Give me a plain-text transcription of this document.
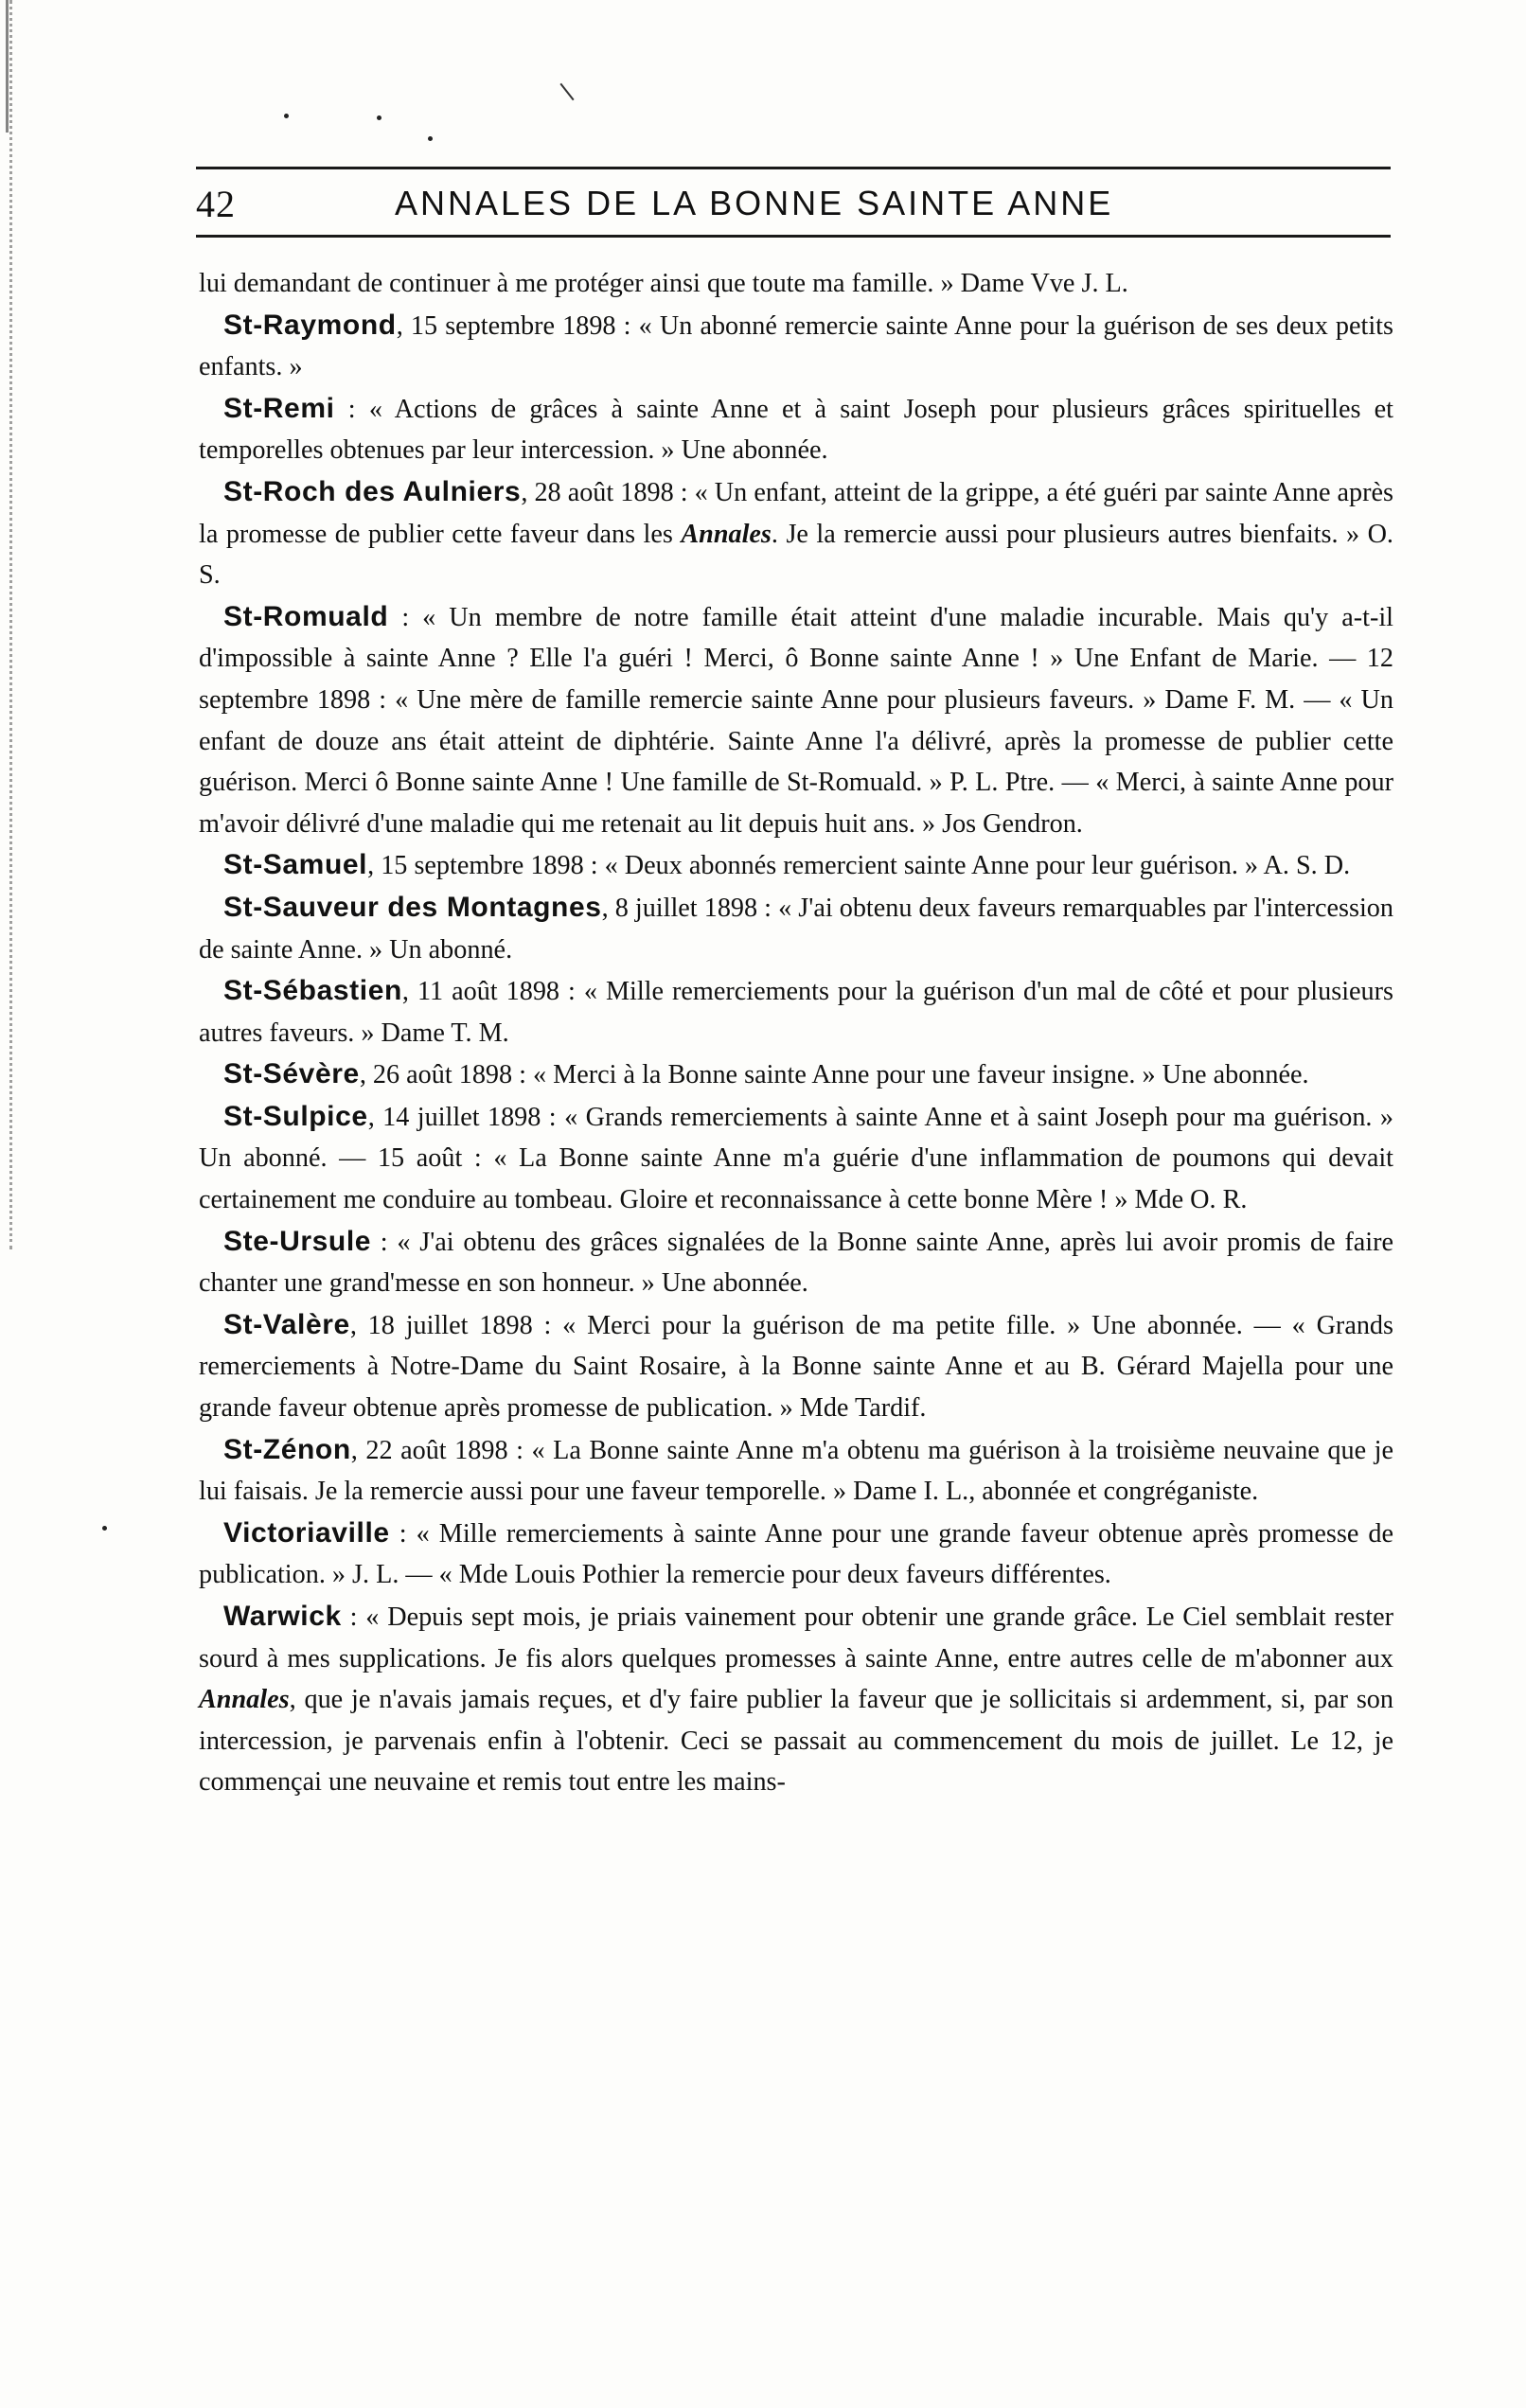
42	ANNALES DE LA BONNE SAINTE ANNE

lui demandant de continuer à me protéger ainsi que toute ma famille. » Dame Vve J. L.

St-Raymond, 15 septembre 1898 : « Un abonné remercie sainte Anne pour la guérison de ses deux petits enfants. »

St-Remi : « Actions de grâces à sainte Anne et à saint Joseph pour plusieurs grâces spirituelles et temporelles obtenues par leur intercession. » Une abonnée.

St-Roch des Aulniers, 28 août 1898 : « Un enfant, atteint de la grippe, a été guéri par sainte Anne après la promesse de publier cette faveur dans les Annales. Je la remercie aussi pour plusieurs autres bienfaits. » O. S.

St-Romuald : « Un membre de notre famille était atteint d'une maladie incurable. Mais qu'y a-t-il d'impossible à sainte Anne ? Elle l'a guéri ! Merci, ô Bonne sainte Anne ! » Une Enfant de Marie. — 12 septembre 1898 : « Une mère de famille remercie sainte Anne pour plusieurs faveurs. » Dame F. M. — « Un enfant de douze ans était atteint de diphtérie. Sainte Anne l'a délivré, après la promesse de publier cette guérison. Merci ô Bonne sainte Anne ! Une famille de St-Romuald. » P. L. Ptre. — « Merci, à sainte Anne pour m'avoir délivré d'une maladie qui me retenait au lit depuis huit ans. » Jos Gendron.

St-Samuel, 15 septembre 1898 : « Deux abonnés remercient sainte Anne pour leur guérison. » A. S. D.

St-Sauveur des Montagnes, 8 juillet 1898 : « J'ai obtenu deux faveurs remarquables par l'intercession de sainte Anne. » Un abonné.

St-Sébastien, 11 août 1898 : « Mille remerciements pour la guérison d'un mal de côté et pour plusieurs autres faveurs. » Dame T. M.

St-Sévère, 26 août 1898 : « Merci à la Bonne sainte Anne pour une faveur insigne. » Une abonnée.

St-Sulpice, 14 juillet 1898 : « Grands remerciements à sainte Anne et à saint Joseph pour ma guérison. » Un abonné. — 15 août : « La Bonne sainte Anne m'a guérie d'une inflammation de poumons qui devait certainement me conduire au tombeau. Gloire et reconnaissance à cette bonne Mère ! » Mde O. R.

Ste-Ursule : « J'ai obtenu des grâces signalées de la Bonne sainte Anne, après lui avoir promis de faire chanter une grand'messe en son honneur. » Une abonnée.

St-Valère, 18 juillet 1898 : « Merci pour la guérison de ma petite fille. » Une abonnée. — « Grands remerciements à Notre-Dame du Saint Rosaire, à la Bonne sainte Anne et au B. Gérard Majella pour une grande faveur obtenue après promesse de publication. » Mde Tardif.

St-Zénon, 22 août 1898 : « La Bonne sainte Anne m'a obtenu ma guérison à la troisième neuvaine que je lui faisais. Je la remercie aussi pour une faveur temporelle. » Dame I. L., abonnée et congréganiste.

Victoriaville : « Mille remerciements à sainte Anne pour une grande faveur obtenue après promesse de publication. » J. L. — « Mde Louis Pothier la remercie pour deux faveurs différentes.

Warwick : « Depuis sept mois, je priais vainement pour obtenir une grande grâce. Le Ciel semblait rester sourd à mes supplications. Je fis alors quelques promesses à sainte Anne, entre autres celle de m'abonner aux Annales, que je n'avais jamais reçues, et d'y faire publier la faveur que je sollicitais si ardemment, si, par son intercession, je parvenais enfin à l'obtenir. Ceci se passait au commencement du mois de juillet. Le 12, je commençai une neuvaine et remis tout entre les mains-
